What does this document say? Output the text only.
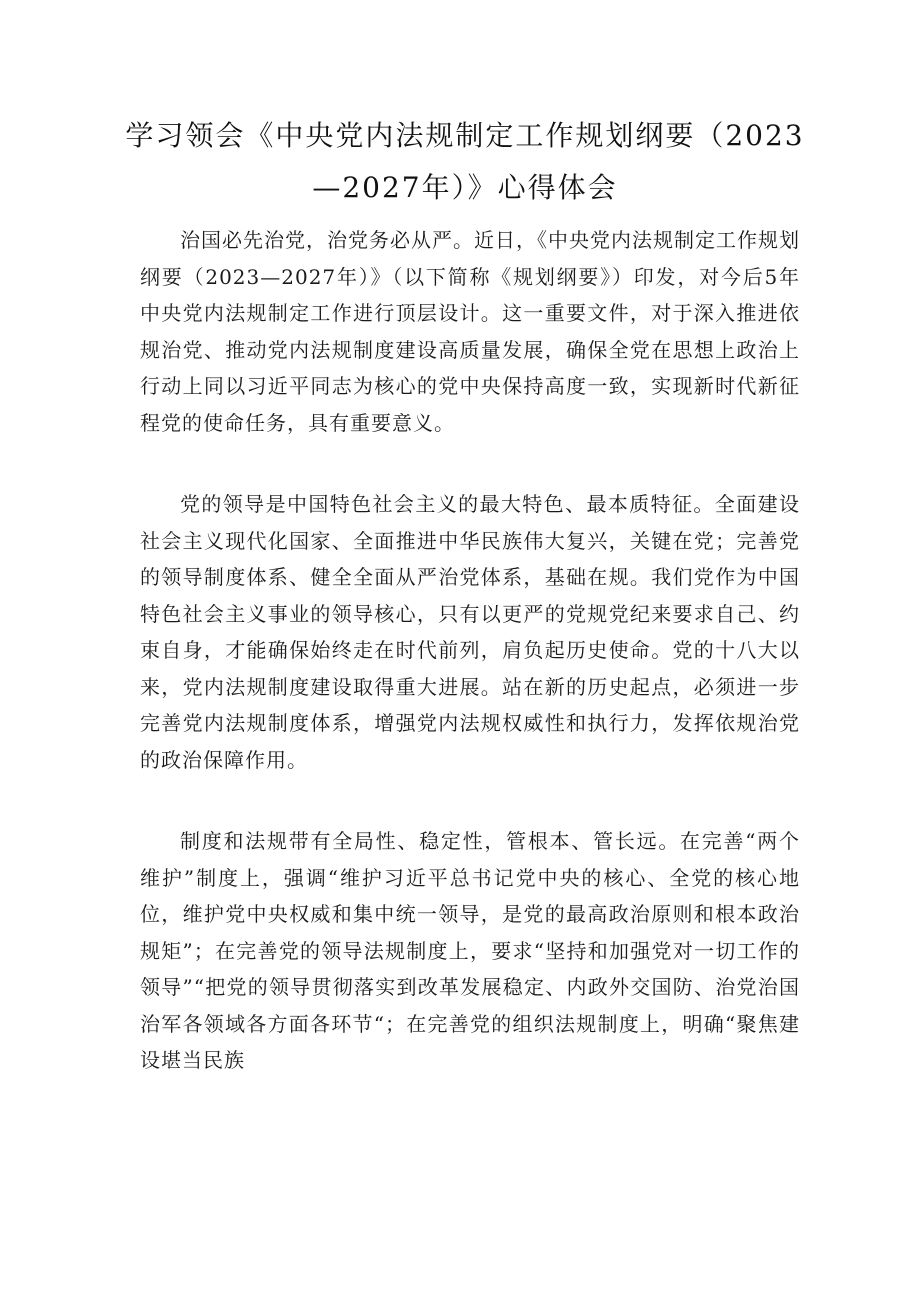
学习领会《中央党内法规制定工作规划纲要（2023
—2027年）》心得体会

治国必先治党，治党务必从严。近日，《中央党内法规制定工作规划纲要（2023—2027年）》（以下简称《规划纲要》）印发，对今后5年中央党内法规制定工作进行顶层设计。这一重要文件，对于深入推进依规治党、推动党内法规制度建设高质量发展，确保全党在思想上政治上行动上同以习近平同志为核心的党中央保持高度一致，实现新时代新征程党的使命任务，具有重要意义。

党的领导是中国特色社会主义的最大特色、最本质特征。全面建设社会主义现代化国家、全面推进中华民族伟大复兴，关键在党；完善党的领导制度体系、健全全面从严治党体系，基础在规。我们党作为中国特色社会主义事业的领导核心，只有以更严的党规党纪来要求自己、约束自身，才能确保始终走在时代前列，肩负起历史使命。党的十八大以来，党内法规制度建设取得重大进展。站在新的历史起点，必须进一步完善党内法规制度体系，增强党内法规权威性和执行力，发挥依规治党的政治保障作用。

制度和法规带有全局性、稳定性，管根本、管长远。在完善“两个维护”制度上，强调“维护习近平总书记党中央的核心、全党的核心地位，维护党中央权威和集中统一领导，是党的最高政治原则和根本政治规矩”；在完善党的领导法规制度上，要求“坚持和加强党对一切工作的领导”“把党的领导贯彻落实到改革发展稳定、内政外交国防、治党治国治军各领域各方面各环节“；在完善党的组织法规制度上，明确“聚焦建设堪当民族
